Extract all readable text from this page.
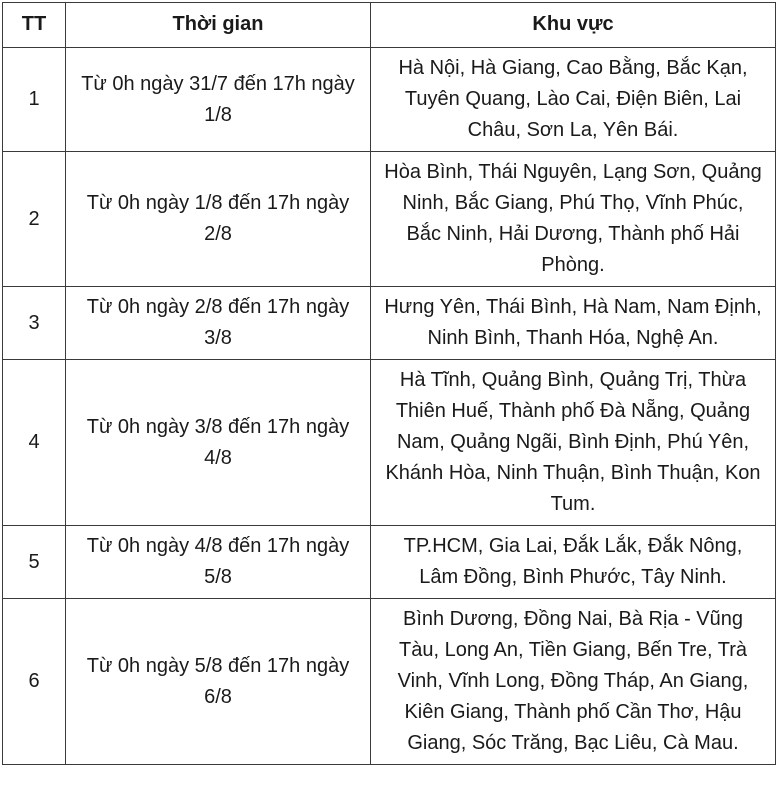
TT	Thời gian	Khu vực
1	Từ 0h ngày 31/7 đến 17h ngày 1/8	Hà Nội, Hà Giang, Cao Bằng, Bắc Kạn, Tuyên Quang, Lào Cai, Điện Biên, Lai Châu, Sơn La, Yên Bái.
2	Từ 0h ngày 1/8 đến 17h ngày 2/8	Hòa Bình, Thái Nguyên, Lạng Sơn, Quảng Ninh, Bắc Giang, Phú Thọ, Vĩnh Phúc, Bắc Ninh, Hải Dương, Thành phố Hải Phòng.
3	Từ 0h ngày 2/8 đến 17h ngày 3/8	Hưng Yên, Thái Bình, Hà Nam, Nam Định, Ninh Bình, Thanh Hóa, Nghệ An.
4	Từ 0h ngày 3/8 đến 17h ngày 4/8	Hà Tĩnh, Quảng Bình, Quảng Trị, Thừa Thiên Huế, Thành phố Đà Nẵng, Quảng Nam, Quảng Ngãi, Bình Định, Phú Yên, Khánh Hòa, Ninh Thuận, Bình Thuận, Kon Tum.
5	Từ 0h ngày 4/8 đến 17h ngày 5/8	TP.HCM, Gia Lai, Đắk Lắk, Đắk Nông, Lâm Đồng, Bình Phước, Tây Ninh.
6	Từ 0h ngày 5/8 đến 17h ngày 6/8	Bình Dương, Đồng Nai, Bà Rịa - Vũng Tàu, Long An, Tiền Giang, Bến Tre, Trà Vinh, Vĩnh Long, Đồng Tháp, An Giang, Kiên Giang, Thành phố Cần Thơ, Hậu Giang, Sóc Trăng, Bạc Liêu, Cà Mau.
